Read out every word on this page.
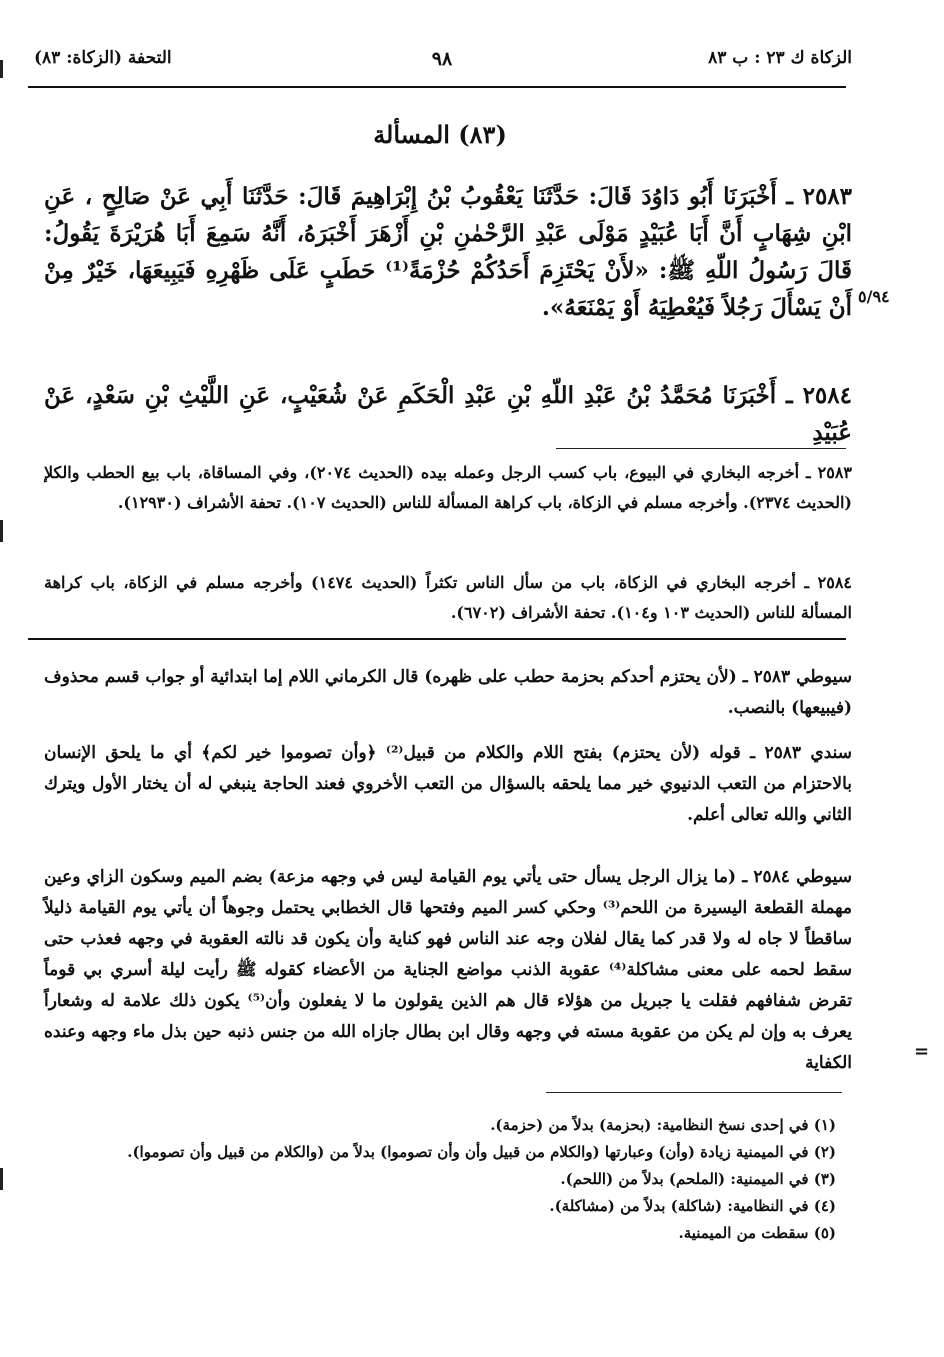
الزكاة ك ٢٣ : ب ٨٣
٩٨
التحفة (الزكاة: ٨٣)
(٨٣) المسألة
٢٥٨٣ ـ أَخْبَرَنَا أَبُو دَاوُدَ قَالَ: حَدَّثَنَا يَعْقُوبُ بْنُ إِبْرَاهِيمَ قَالَ: حَدَّثَنَا أَبِي عَنْ صَالِحٍ ، عَنِ ابْنِ شِهَابٍ أَنَّ أَبَا عُبَيْدٍ مَوْلَى عَبْدِ الرَّحْمٰنِ بْنِ أَزْهَرَ أَخْبَرَهُ، أَنَّهُ سَمِعَ أَبَا هُرَيْرَةَ يَقُولُ: قَالَ رَسُولُ اللّهِ ﷺ: «لأَنْ يَحْتَزِمَ أَحَدُكُمْ حُزْمَةً⁽¹⁾ حَطَبٍ عَلَى ظَهْرِهِ فَيَبِيعَهَا، خَيْرٌ مِنْ أَنْ يَسْأَلَ رَجُلاً فَيُعْطِيَهُ أَوْ يَمْنَعَهُ». ٥/٩٤
٢٥٨٤ ـ أَخْبَرَنَا مُحَمَّدُ بْنُ عَبْدِ اللّهِ بْنِ عَبْدِ الْحَكَمِ عَنْ شُعَيْبٍ، عَنِ اللَّيْثِ بْنِ سَعْدٍ، عَنْ عُبَيْدِ
٢٥٨٣ ـ أخرجه البخاري في البيوع، باب كسب الرجل وعمله بيده (الحديث ٢٠٧٤)، وفي المساقاة، باب بيع الحطب والكلإ (الحديث ٢٣٧٤). وأخرجه مسلم في الزكاة، باب كراهة المسألة للناس (الحديث ١٠٧). تحفة الأشراف (١٢٩٣٠).
٢٥٨٤ ـ أخرجه البخاري في الزكاة، باب من سأل الناس تكثراً (الحديث ١٤٧٤) وأخرجه مسلم في الزكاة، باب كراهة المسألة للناس (الحديث ١٠٣ و١٠٤). تحفة الأشراف (٦٧٠٢).
سيوطي ٢٥٨٣ ـ (لأن يحتزم أحدكم بحزمة حطب على ظهره) قال الكرماني اللام إما ابتدائية أو جواب قسم محذوف (فيبيعها) بالنصب.
سندي ٢٥٨٣ ـ قوله (لأن يحتزم) بفتح اللام والكلام من قبيل⁽²⁾ ﴿وأن تصوموا خير لكم﴾ أي ما يلحق الإنسان بالاحتزام من التعب الدنيوي خير مما يلحقه بالسؤال من التعب الأخروي فعند الحاجة ينبغي له أن يختار الأول ويترك الثاني والله تعالى أعلم.
سيوطي ٢٥٨٤ ـ (ما يزال الرجل يسأل حتى يأتي يوم القيامة ليس في وجهه مزعة) بضم الميم وسكون الزاي وعين مهملة القطعة اليسيرة من اللحم⁽³⁾ وحكي كسر الميم وفتحها قال الخطابي يحتمل وجوهاً أن يأتي يوم القيامة ذليلاً ساقطاً لا جاه له ولا قدر كما يقال لفلان وجه عند الناس فهو كناية وأن يكون قد نالته العقوبة في وجهه فعذب حتى سقط لحمه على معنى مشاكلة⁽⁴⁾ عقوبة الذنب مواضع الجناية من الأعضاء كقوله ﷺ رأيت ليلة أسري بي قوماً تقرض شفافهم فقلت يا جبريل من هؤلاء قال هم الذين يقولون ما لا يفعلون وأن⁽⁵⁾ يكون ذلك علامة له وشعاراً يعرف به وإن لم يكن من عقوبة مسته في وجهه وقال ابن بطال جازاه الله من جنس ذنبه حين بذل ماء وجهه وعنده الكفاية
=
(١) في إحدى نسخ النظامية: (بحزمة) بدلاً من (حزمة).
(٢) في الميمنية زيادة (وأن) وعبارتها (والكلام من قبيل وأن وأن تصوموا) بدلاً من (والكلام من قبيل وأن تصوموا).
(٣) في الميمنية: (الملحم) بدلاً من (اللحم).
(٤) في النظامية: (شاكلة) بدلاً من (مشاكلة).
(٥) سقطت من الميمنية.
